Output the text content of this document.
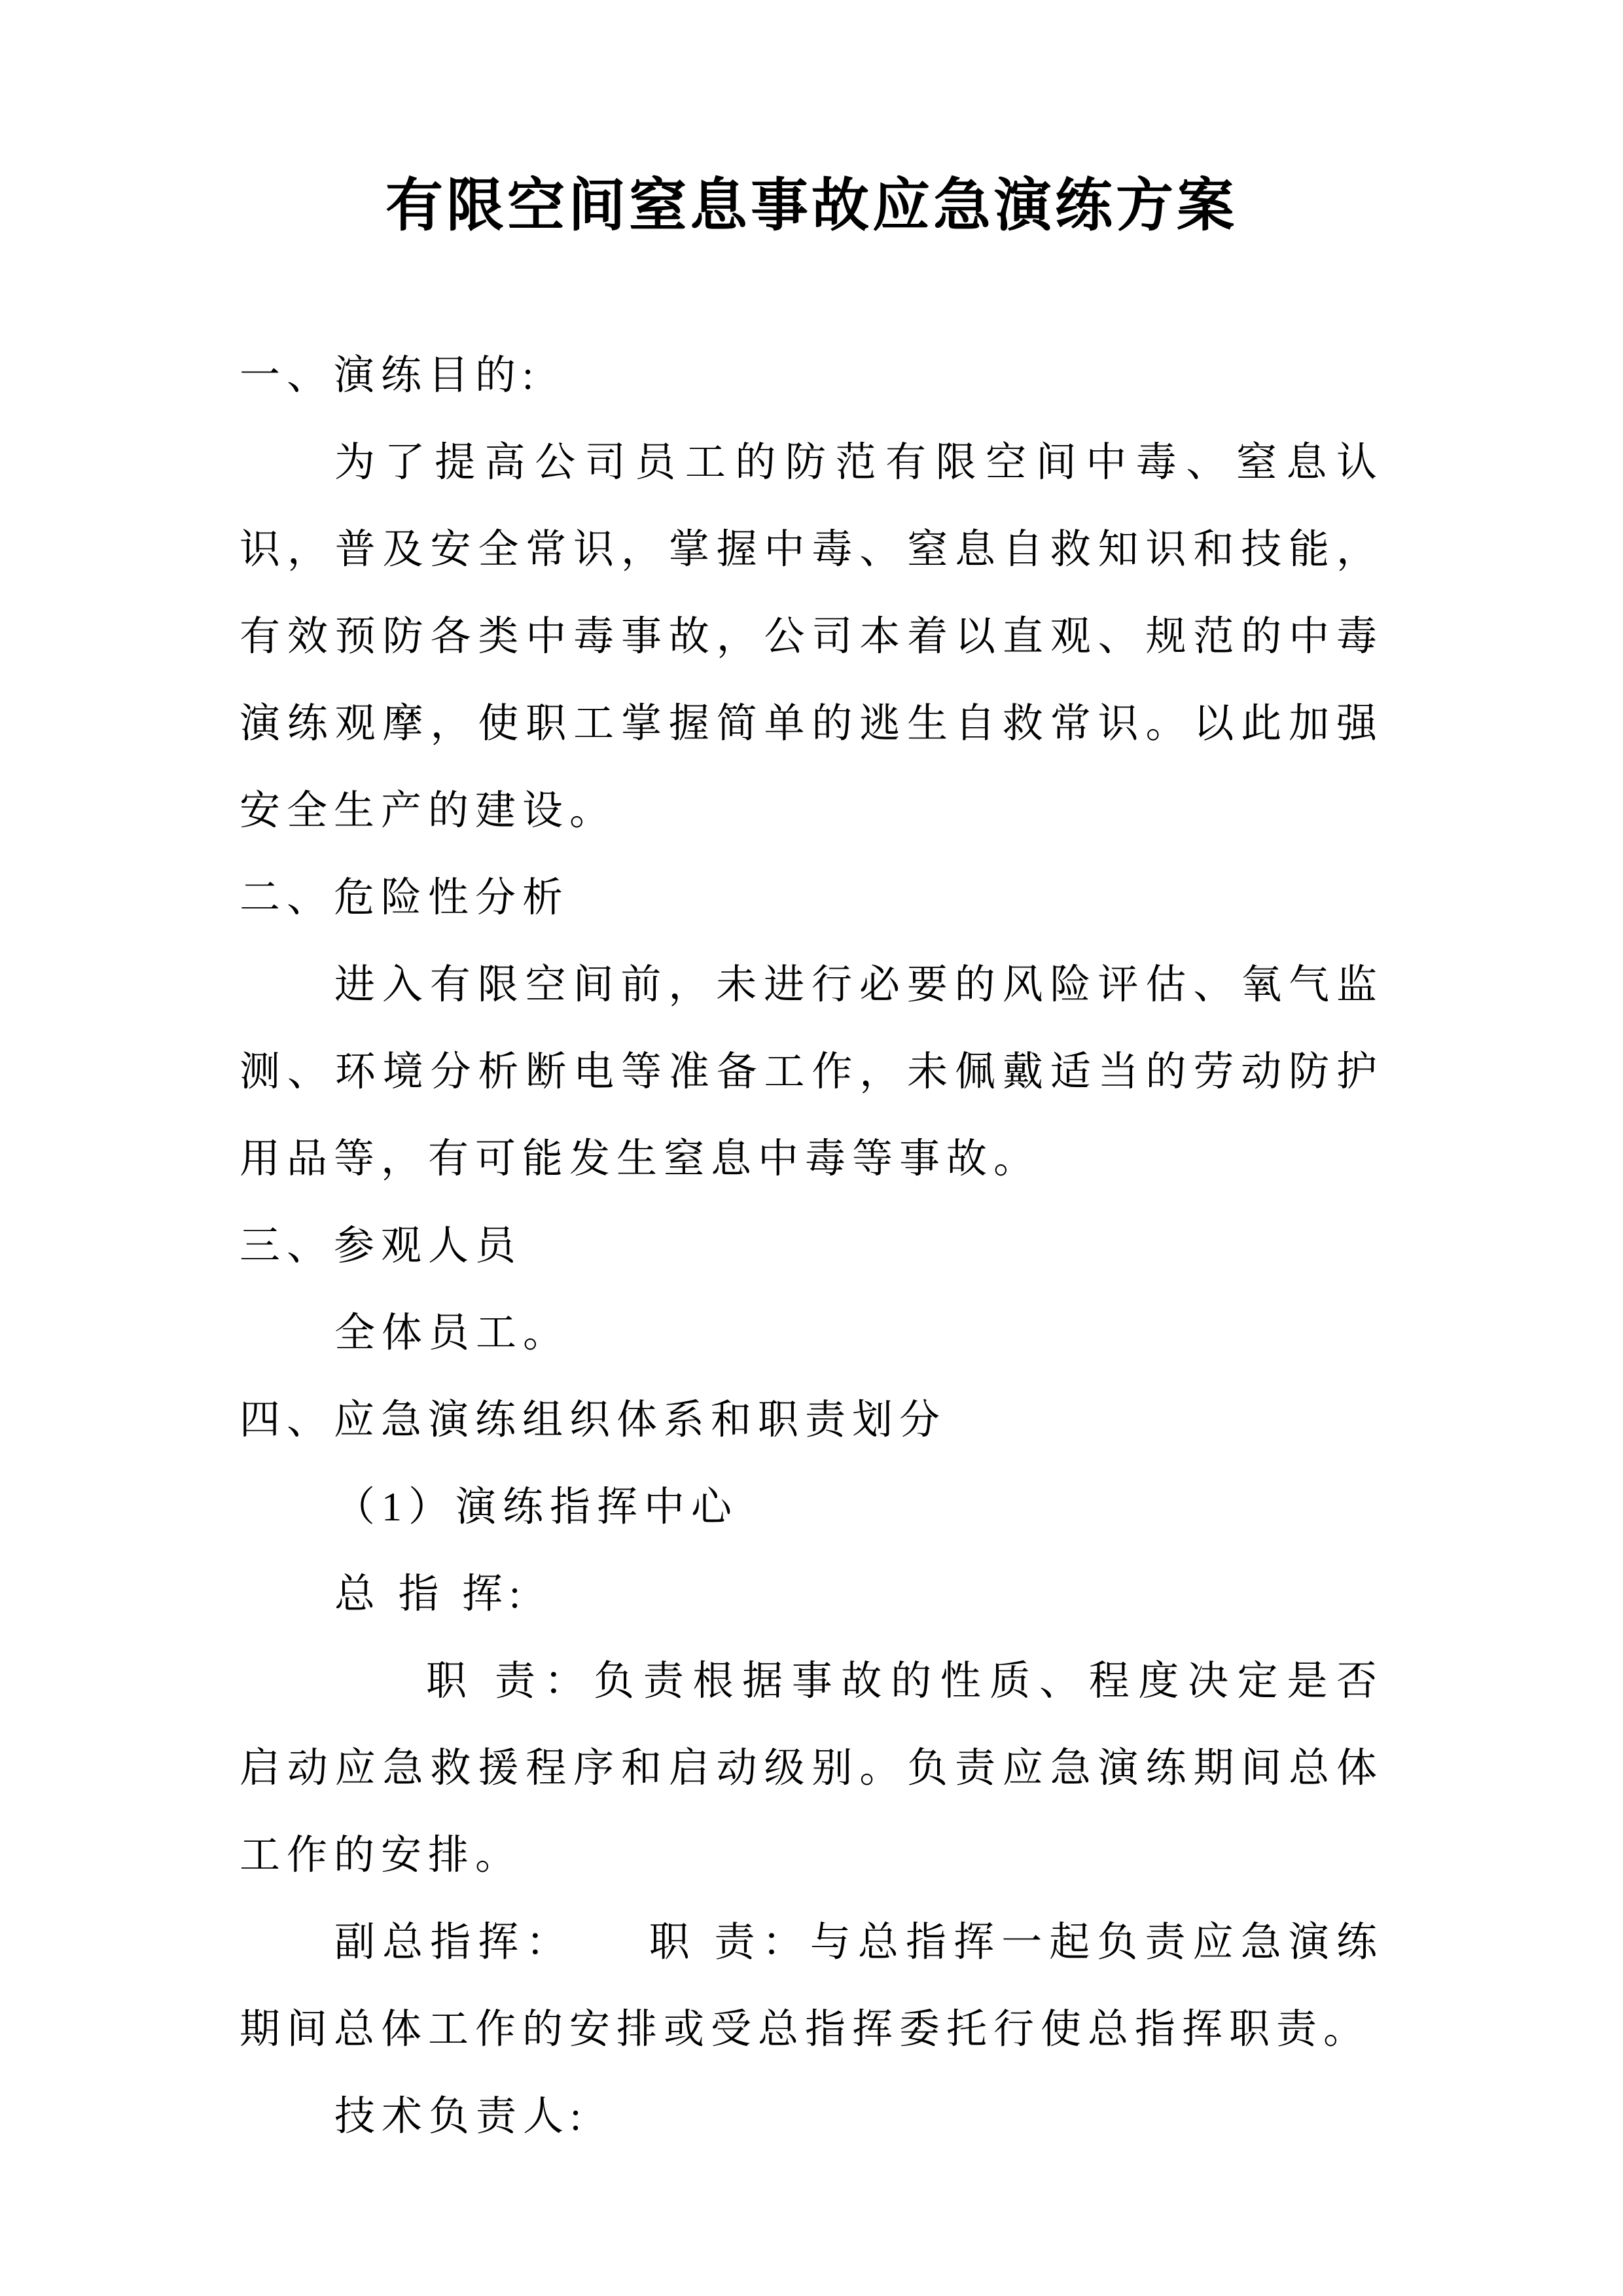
有限空间窒息事故应急演练方案

一、演练目的:

为了提高公司员工的防范有限空间中毒、窒息认识，普及安全常识，掌握中毒、窒息自救知识和技能，有效预防各类中毒事故，公司本着以直观、规范的中毒演练观摩，使职工掌握简单的逃生自救常识。以此加强安全生产的建设。

二、危险性分析

进入有限空间前，未进行必要的风险评估、氧气监测、环境分析断电等准备工作，未佩戴适当的劳动防护用品等，有可能发生窒息中毒等事故。

三、参观人员

全体员工。

四、应急演练组织体系和职责划分

（1）演练指挥中心

总 指 挥:

职 责：负责根据事故的性质、程度决定是否启动应急救援程序和启动级别。负责应急演练期间总体工作的安排。

副总指挥：　　职 责：与总指挥一起负责应急演练期间总体工作的安排或受总指挥委托行使总指挥职责。

技术负责人:
